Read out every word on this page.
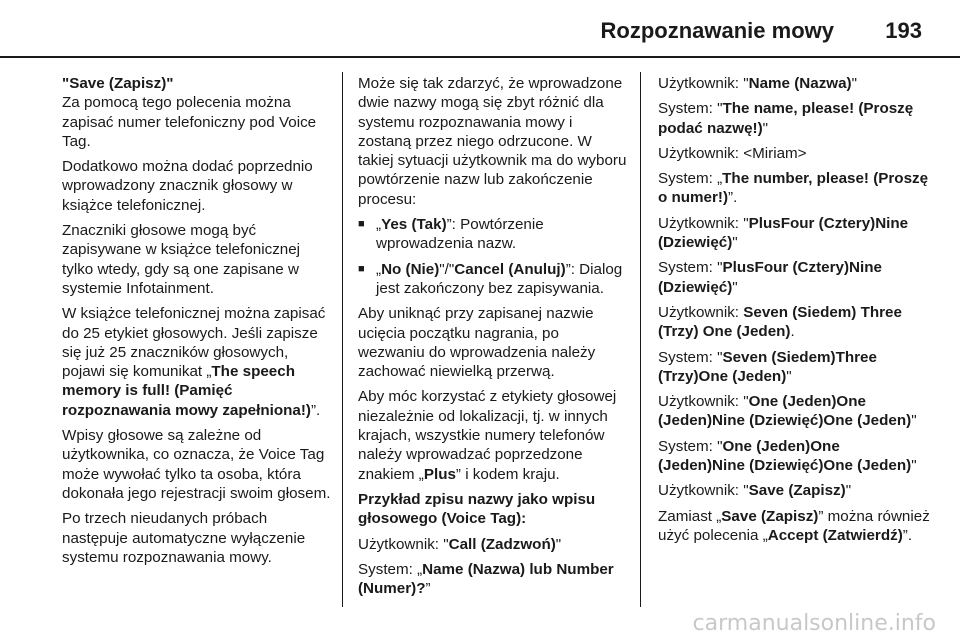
Rozpoznawanie mowy 193

"Save (Zapisz)"

Za pomocą tego polecenia można zapisać numer telefoniczny pod Voice Tag.

Dodatkowo można dodać poprzednio wprowadzony znacznik głosowy w książce telefonicznej.

Znaczniki głosowe mogą być zapisywane w książce telefonicznej tylko wtedy, gdy są one zapisane w systemie Infotainment.

W książce telefonicznej można zapisać do 25 etykiet głosowych. Jeśli zapisze się już 25 znaczników głosowych, pojawi się komunikat „The speech memory is full! (Pamięć rozpoznawania mowy zapełniona!)”.

Wpisy głosowe są zależne od użytkownika, co oznacza, że Voice Tag może wywołać tylko ta osoba, która dokonała jego rejestracji swoim głosem.

Po trzech nieudanych próbach następuje automatyczne wyłączenie systemu rozpoznawania mowy.

Może się tak zdarzyć, że wprowadzone dwie nazwy mogą się zbyt różnić dla systemu rozpoznawania mowy i zostaną przez niego odrzucone. W takiej sytuacji użytkownik ma do wyboru powtórzenie nazw lub zakończenie procesu:

■ „Yes (Tak)”: Powtórzenie wprowadzenia nazw.
■ „No (Nie)"/"Cancel (Anuluj)”: Dialog jest zakończony bez zapisywania.

Aby uniknąć przy zapisanej nazwie ucięcia początku nagrania, po wezwaniu do wprowadzenia należy zachować niewielką przerwą.

Aby móc korzystać z etykiety głosowej niezależnie od lokalizacji, tj. w innych krajach, wszystkie numery telefonów należy wprowadzać poprzedzone znakiem „Plus” i kodem kraju.

Przykład zpisu nazwy jako wpisu głosowego (Voice Tag):

Użytkownik: "Call (Zadzwoń)"

System: „Name (Nazwa) lub Number (Numer)?”

Użytkownik: "Name (Nazwa)"

System: "The name, please! (Proszę podać nazwę!)"

Użytkownik: <Miriam>

System: „The number, please! (Proszę o numer!)”.

Użytkownik: "PlusFour (Cztery)Nine (Dziewięć)"

System: "PlusFour (Cztery)Nine (Dziewięć)"

Użytkownik: Seven (Siedem) Three (Trzy) One (Jeden).

System: "Seven (Siedem)Three (Trzy)One (Jeden)"

Użytkownik: "One (Jeden)One (Jeden)Nine (Dziewięć)One (Jeden)"

System: "One (Jeden)One (Jeden)Nine (Dziewięć)One (Jeden)"

Użytkownik: "Save (Zapisz)"

Zamiast „Save (Zapisz)” można również użyć polecenia „Accept (Zatwierdź)”.

carmanualsonline.info
